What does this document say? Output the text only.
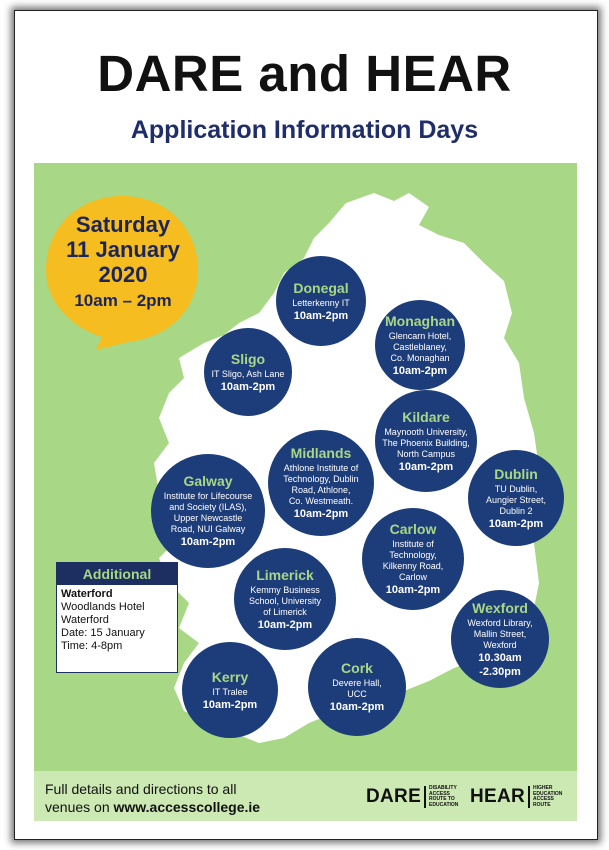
DARE and HEAR
Application Information Days
Saturday
11 January
2020
10am – 2pm
Donegal
Letterkenny IT
10am-2pm	Monaghan
Glencarn Hotel,
Castleblaney,
Co. Monaghan
10am-2pm
Sligo
IT Sligo, Ash Lane
10am-2pm
Kildare
Maynooth University,
The Phoenix Building,
North Campus
10am-2pm
Midlands
Athlone Institute of
Technology, Dublin
Road, Athlone,
Co. Westmeath.
10am-2pm
Galway
Institute for Lifecourse
and Society (ILAS),
Upper Newcastle
Road, NUI Galway
10am-2pm
Dublin
TU Dublin,
Aungier Street,
Dublin 2
10am-2pm
Carlow
Institute of
Technology,
Kilkenny Road,
Carlow
10am-2pm
Limerick
Kemmy Business
School, University
of Limerick
10am-2pm
Wexford
Wexford Library,
Mallin Street,
Wexford
10.30am
-2.30pm
Kerry
IT Tralee
10am-2pm
Cork
Devere Hall,
UCC
10am-2pm
Additional
Waterford
Woodlands Hotel
Waterford
Date: 15 January
Time: 4-8pm
Full details and directions to all
venues on www.accesscollege.ie	DARE DISABILITY
ACCESS
ROUTE TO
EDUCATION HEAR HIGHER
EDUCATION
ACCESS
ROUTE
